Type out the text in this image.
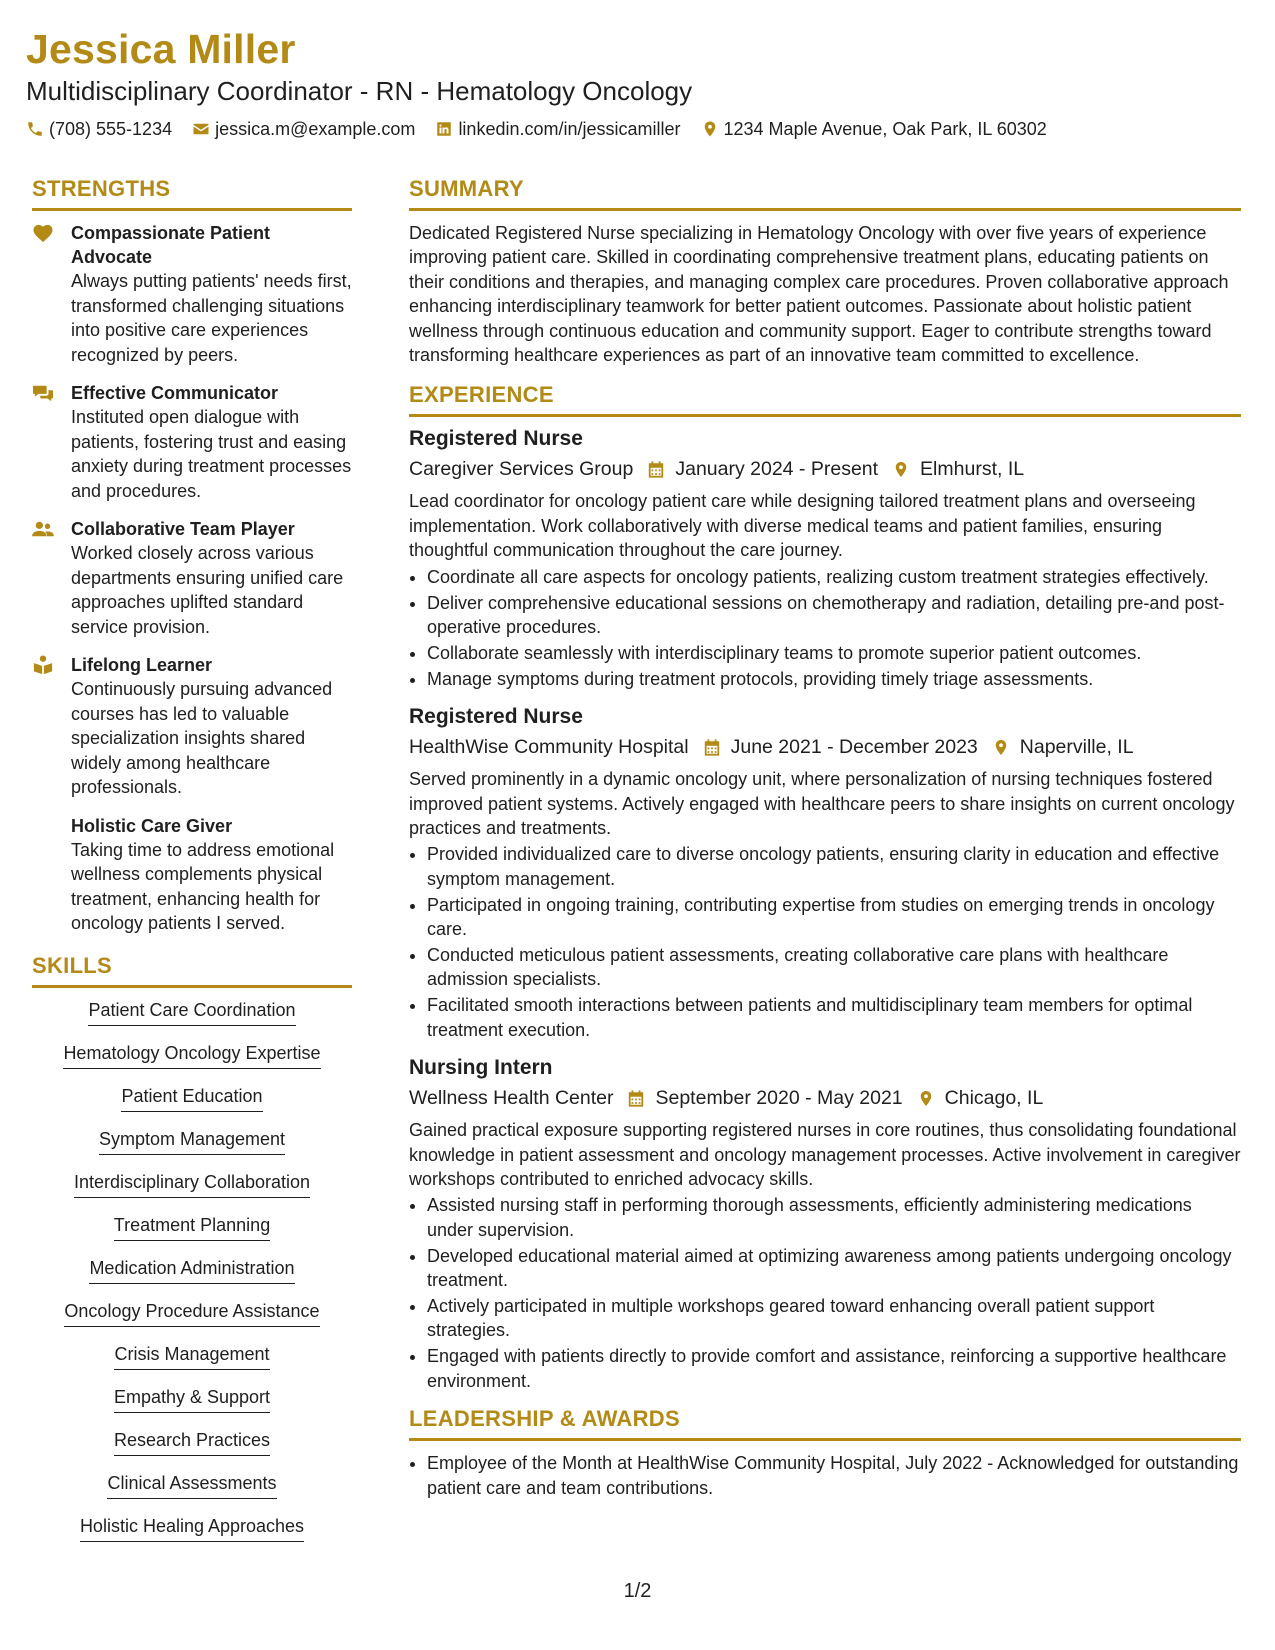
Jessica Miller
Multidisciplinary Coordinator - RN - Hematology Oncology
(708) 555-1234 jessica.m@example.com linkedin.com/in/jessicamiller 1234 Maple Avenue, Oak Park, IL 60302
STRENGTHS
Compassionate Patient Advocate
Always putting patients' needs first, transformed challenging situations into positive care experiences recognized by peers.
Effective Communicator
Instituted open dialogue with patients, fostering trust and easing anxiety during treatment processes and procedures.
Collaborative Team Player
Worked closely across various departments ensuring unified care approaches uplifted standard service provision.
Lifelong Learner
Continuously pursuing advanced courses has led to valuable specialization insights shared widely among healthcare professionals.
Holistic Care Giver
Taking time to address emotional wellness complements physical treatment, enhancing health for oncology patients I served.
SKILLS
Patient Care Coordination
Hematology Oncology Expertise
Patient Education
Symptom Management
Interdisciplinary Collaboration
Treatment Planning
Medication Administration
Oncology Procedure Assistance
Crisis Management
Empathy & Support
Research Practices
Clinical Assessments
Holistic Healing Approaches
SUMMARY
Dedicated Registered Nurse specializing in Hematology Oncology with over five years of experience improving patient care. Skilled in coordinating comprehensive treatment plans, educating patients on their conditions and therapies, and managing complex care procedures. Proven collaborative approach enhancing interdisciplinary teamwork for better patient outcomes. Passionate about holistic patient wellness through continuous education and community support. Eager to contribute strengths toward transforming healthcare experiences as part of an innovative team committed to excellence.
EXPERIENCE
Registered Nurse
Caregiver Services Group January 2024 - Present Elmhurst, IL
Lead coordinator for oncology patient care while designing tailored treatment plans and overseeing implementation. Work collaboratively with diverse medical teams and patient families, ensuring thoughtful communication throughout the care journey.
• Coordinate all care aspects for oncology patients, realizing custom treatment strategies effectively.
• Deliver comprehensive educational sessions on chemotherapy and radiation, detailing pre-and post-operative procedures.
• Collaborate seamlessly with interdisciplinary teams to promote superior patient outcomes.
• Manage symptoms during treatment protocols, providing timely triage assessments.
Registered Nurse
HealthWise Community Hospital June 2021 - December 2023 Naperville, IL
Served prominently in a dynamic oncology unit, where personalization of nursing techniques fostered improved patient systems. Actively engaged with healthcare peers to share insights on current oncology practices and treatments.
• Provided individualized care to diverse oncology patients, ensuring clarity in education and effective symptom management.
• Participated in ongoing training, contributing expertise from studies on emerging trends in oncology care.
• Conducted meticulous patient assessments, creating collaborative care plans with healthcare admission specialists.
• Facilitated smooth interactions between patients and multidisciplinary team members for optimal treatment execution.
Nursing Intern
Wellness Health Center September 2020 - May 2021 Chicago, IL
Gained practical exposure supporting registered nurses in core routines, thus consolidating foundational knowledge in patient assessment and oncology management processes. Active involvement in caregiver workshops contributed to enriched advocacy skills.
• Assisted nursing staff in performing thorough assessments, efficiently administering medications under supervision.
• Developed educational material aimed at optimizing awareness among patients undergoing oncology treatment.
• Actively participated in multiple workshops geared toward enhancing overall patient support strategies.
• Engaged with patients directly to provide comfort and assistance, reinforcing a supportive healthcare environment.
LEADERSHIP & AWARDS
• Employee of the Month at HealthWise Community Hospital, July 2022 - Acknowledged for outstanding patient care and team contributions.
1/2
